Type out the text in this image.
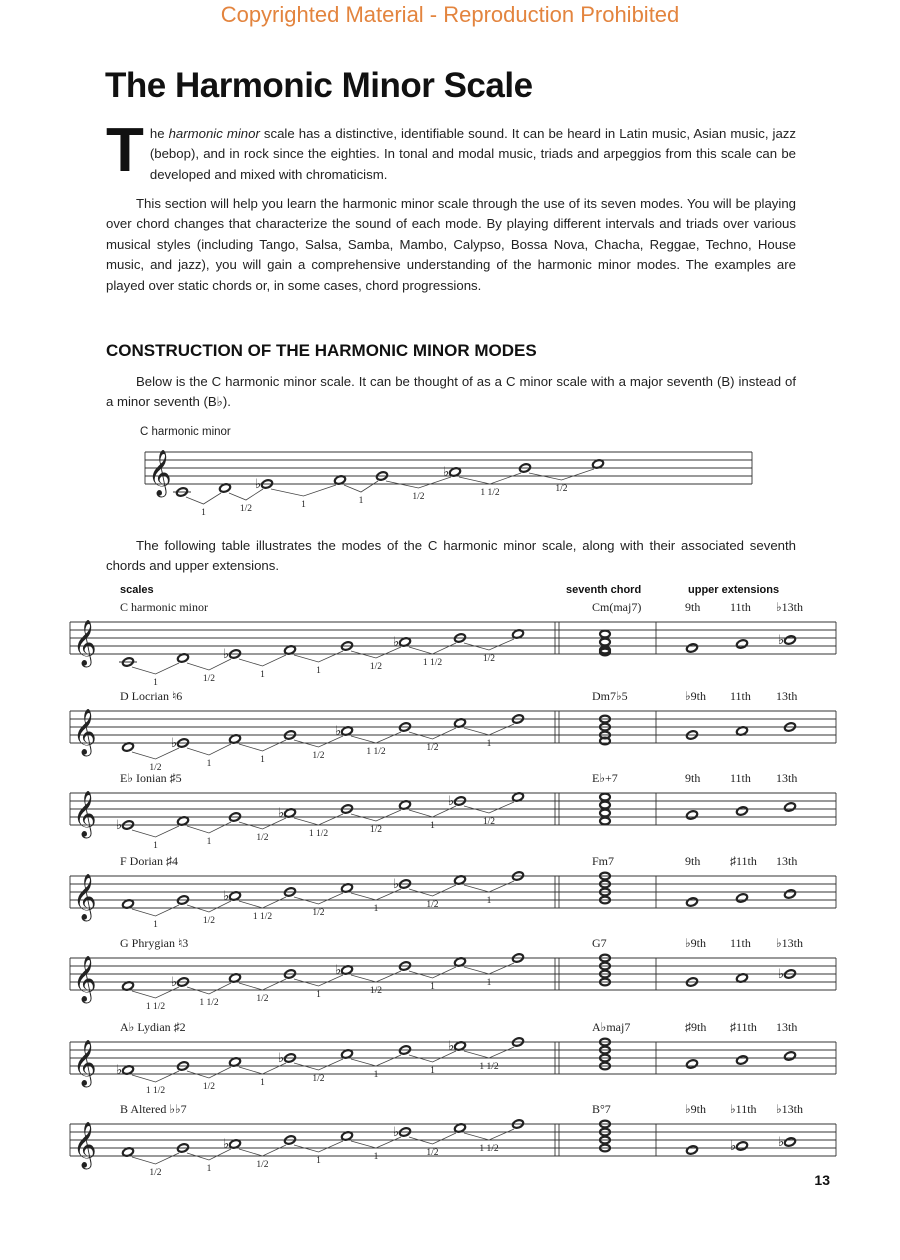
Copyrighted Material - Reproduction Prohibited
The Harmonic Minor Scale
The harmonic minor scale has a distinctive, identifiable sound. It can be heard in Latin music, Asian music, jazz (bebop), and in rock since the eighties. In tonal and modal music, triads and arpeggios from this scale can be developed and mixed with chromaticism.
This section will help you learn the harmonic minor scale through the use of its seven modes. You will be playing over chord changes that characterize the sound of each mode. By playing different intervals and triads over various musical styles (including Tango, Salsa, Samba, Mambo, Calypso, Bossa Nova, Chacha, Reggae, Techno, House music, and jazz), you will gain a comprehensive understanding of the harmonic minor modes. The examples are played over static chords or, in some cases, chord progressions.
CONSTRUCTION OF THE HARMONIC MINOR MODES
Below is the C harmonic minor scale. It can be thought of as a C minor scale with a major seventh (B) instead of a minor seventh (B♭).
C harmonic minor
The following table illustrates the modes of the C harmonic minor scale, along with their associated seventh chords and upper extensions.
scales	seventh chord	upper extensions
13
C harmonic minor	Cm(maj7)	9th 11th ♭13th
D Locrian ♮6	Dm7♭5	♭9th 11th 13th
E♭ Ionian ♯5	E♭+7	9th 11th 13th
F Dorian ♯4	Fm7	9th ♯11th 13th
G Phrygian ♮3	G7	♭9th 11th ♭13th
A♭ Lydian ♯2	A♭maj7	♯9th ♯11th 13th
B Altered ♭♭7	B°7	♭9th ♭11th ♭13th
𝄞	♭
♭
1	1/2	1	1	1/2	1 1/2	1/2
𝄞	♭
♭
1	1/2	1	1	1/2	1 1/2	1/2
♭
𝄞	♭
♭
1/2	1	1	1/2	1 1/2	1/2	1
𝄞 ♭
♭
♭
1	1	1/2	1 1/2	1/2	1	1/2
𝄞	♭
♭
1	1/2	1 1/2	1/2	1	1/2	1
𝄞	♭
♭
1 1/2	1 1/2	1/2	1	1/2	1	1
♭
𝄞 ♭
♭
♭
1 1/2	1/2	1	1/2	1	1	1 1/2
𝄞	♭
♭
1/2	1	1/2	1	1	1/2	1 1/2	♭	♭
